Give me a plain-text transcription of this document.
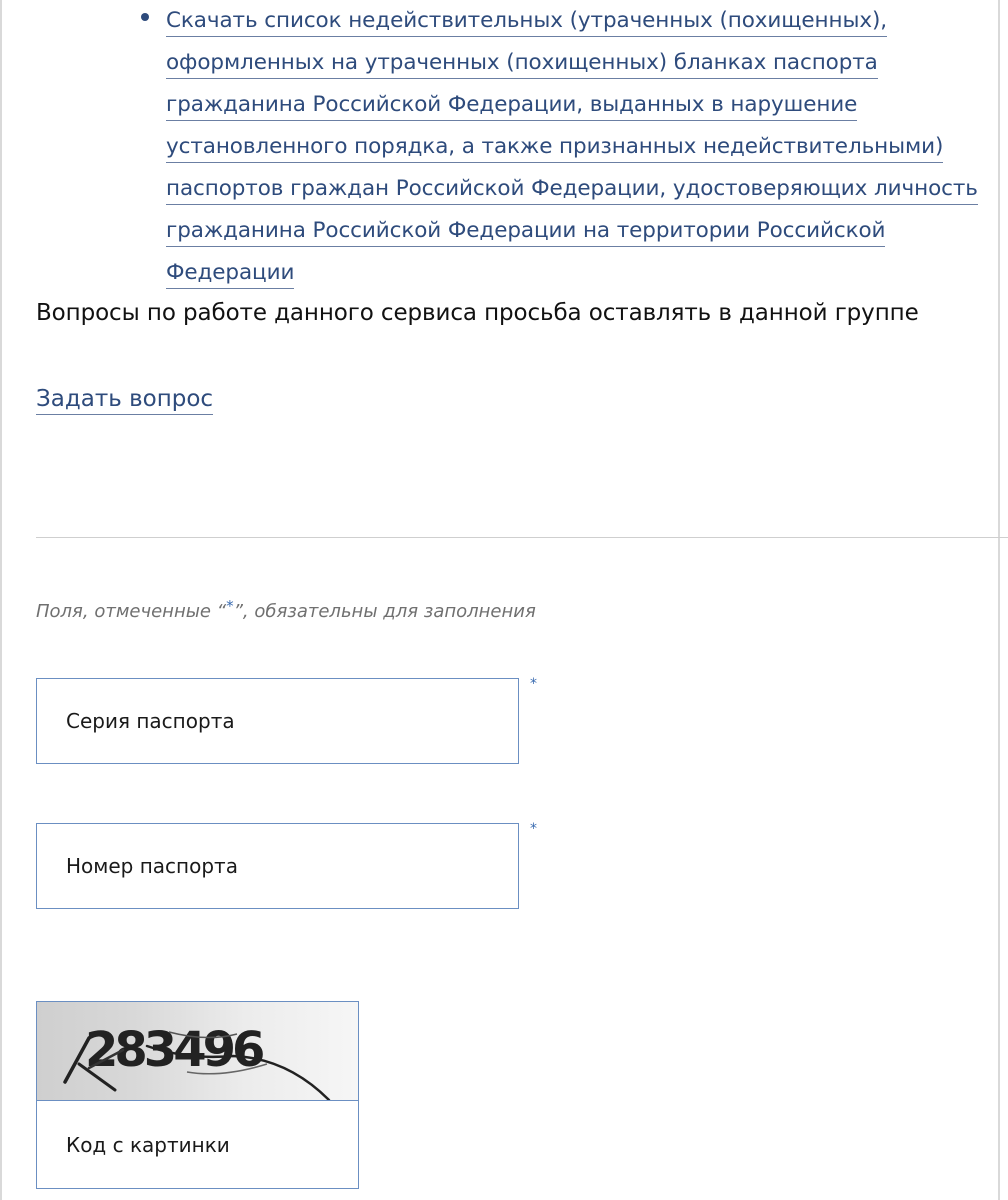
Скачать список недействительных (утраченных (похищенных), оформленных на утраченных (похищенных) бланках паспорта гражданина Российской Федерации, выданных в нарушение установленного порядка, а также признанных недействительными) паспортов граждан Российской Федерации, удостоверяющих личность гражданина Российской Федерации на территории Российской Федерации

Вопросы по работе данного сервиса просьба оставлять в данной группе

Задать вопрос

Поля, отмеченные “*”, обязательны для заполнения

Серия паспорта
*
Номер паспорта
*
283496
Код с картинки
